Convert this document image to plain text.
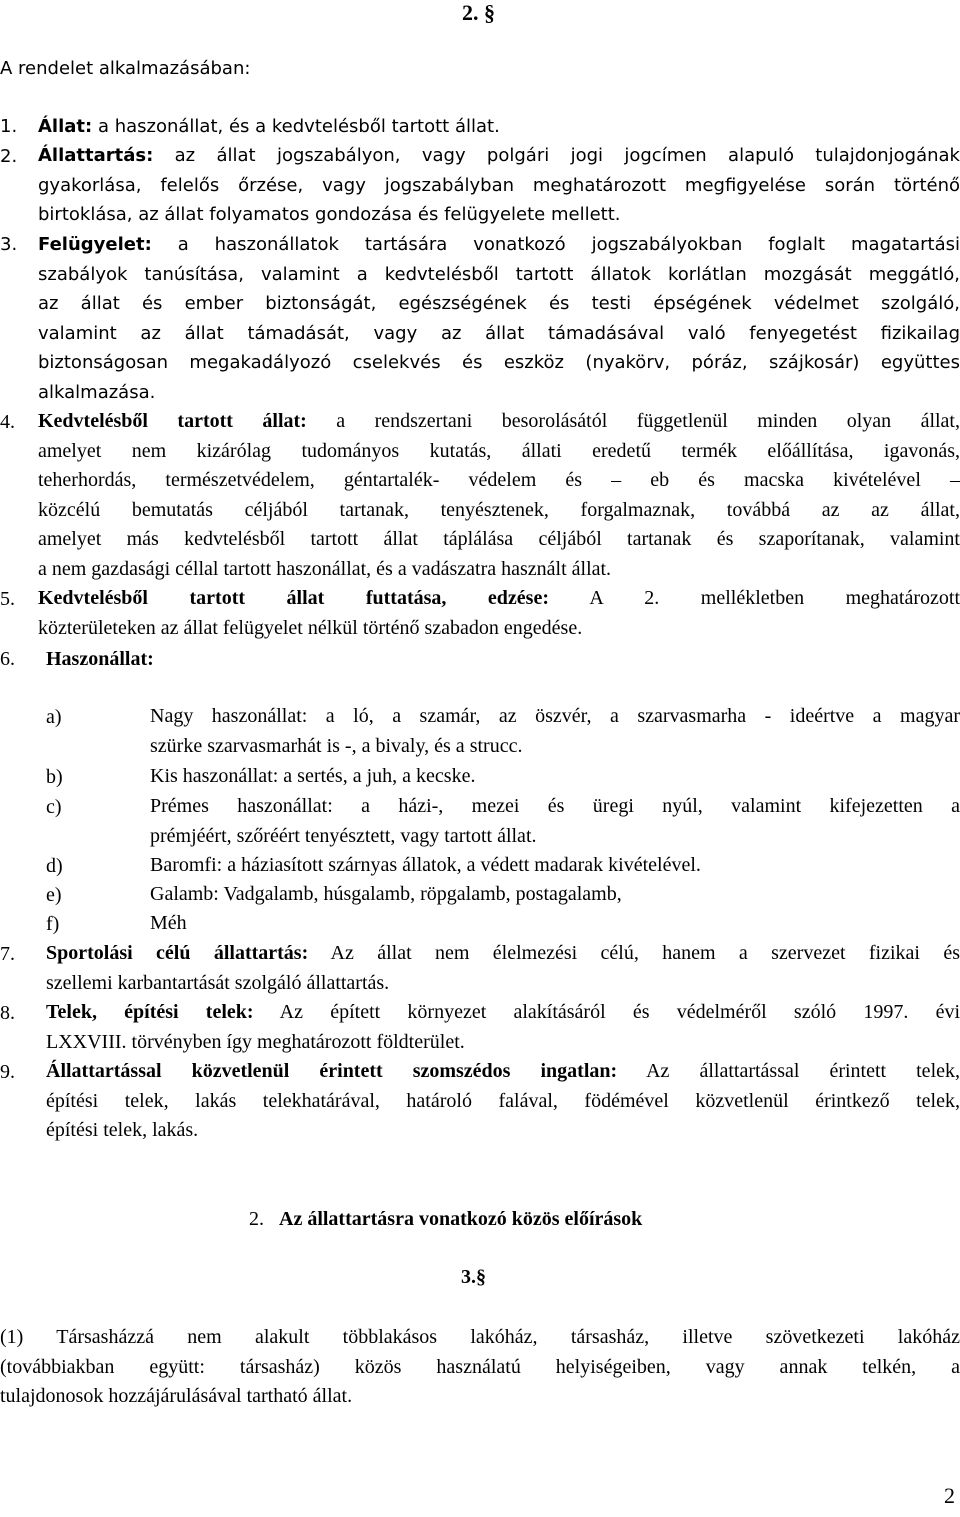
2. §
A rendelet alkalmazásában:
1. Állat: a haszonállat, és a kedvtelésből tartott állat.
2. Állattartás: az állat jogszabályon, vagy polgári jogi jogcímen alapuló tulajdonjogának
gyakorlása, felelős őrzése, vagy jogszabályban meghatározott megfigyelése során történő
birtoklása, az állat folyamatos gondozása és felügyelete mellett.
3. Felügyelet: a haszonállatok tartására vonatkozó jogszabályokban foglalt magatartási
szabályok tanúsítása, valamint a kedvtelésből tartott állatok korlátlan mozgását meggátló,
az állat és ember biztonságát, egészségének és testi épségének védelmet szolgáló,
valamint az állat támadását, vagy az állat támadásával való fenyegetést fizikailag
biztonságosan megakadályozó cselekvés és eszköz (nyakörv, póráz, szájkosár) együttes
alkalmazása.
4. Kedvtelésből tartott állat: a rendszertani besorolásától függetlenül minden olyan állat,
amelyet nem kizárólag tudományos kutatás, állati eredetű termék előállítása, igavonás,
teherhordás, természetvédelem, géntartalék- védelem és – eb és macska kivételével –
közcélú bemutatás céljából tartanak, tenyésztenek, forgalmaznak, továbbá az az állat,
amelyet más kedvtelésből tartott állat táplálása céljából tartanak és szaporítanak, valamint
a nem gazdasági céllal tartott haszonállat, és a vadászatra használt állat.
5. Kedvtelésből tartott állat futtatása, edzése: A 2. mellékletben meghatározott
közterületeken az állat felügyelet nélkül történő szabadon engedése.
6. Haszonállat:
a)	Nagy haszonállat: a ló, a szamár, az öszvér, a szarvasmarha - ideértve a magyar
szürke szarvasmarhát is -, a bivaly, és a strucc.
b)	Kis haszonállat: a sertés, a juh, a kecske.
c)	Prémes haszonállat: a házi-, mezei és üregi nyúl, valamint kifejezetten a
prémjéért, szőréért tenyésztett, vagy tartott állat.
d)	Baromfi: a háziasított szárnyas állatok, a védett madarak kivételével.
e)	Galamb: Vadgalamb, húsgalamb, röpgalamb, postagalamb,
f)	Méh
7. Sportolási célú állattartás: Az állat nem élelmezési célú, hanem a szervezet fizikai és
szellemi karbantartását szolgáló állattartás.
8. Telek, építési telek: Az épített környezet alakításáról és védelméről szóló 1997. évi
LXXVIII. törvényben így meghatározott földterület.
9. Állattartással közvetlenül érintett szomszédos ingatlan: Az állattartással érintett telek,
építési telek, lakás telekhatárával, határoló falával, födémével közvetlenül érintkező telek,
építési telek, lakás.
2. Az állattartásra vonatkozó közös előírások
3.§
(1) Társasházzá nem alakult többlakásos lakóház, társasház, illetve szövetkezeti lakóház
(továbbiakban együtt: társasház) közös használatú helyiségeiben, vagy annak telkén, a
tulajdonosok hozzájárulásával tartható állat.
2
